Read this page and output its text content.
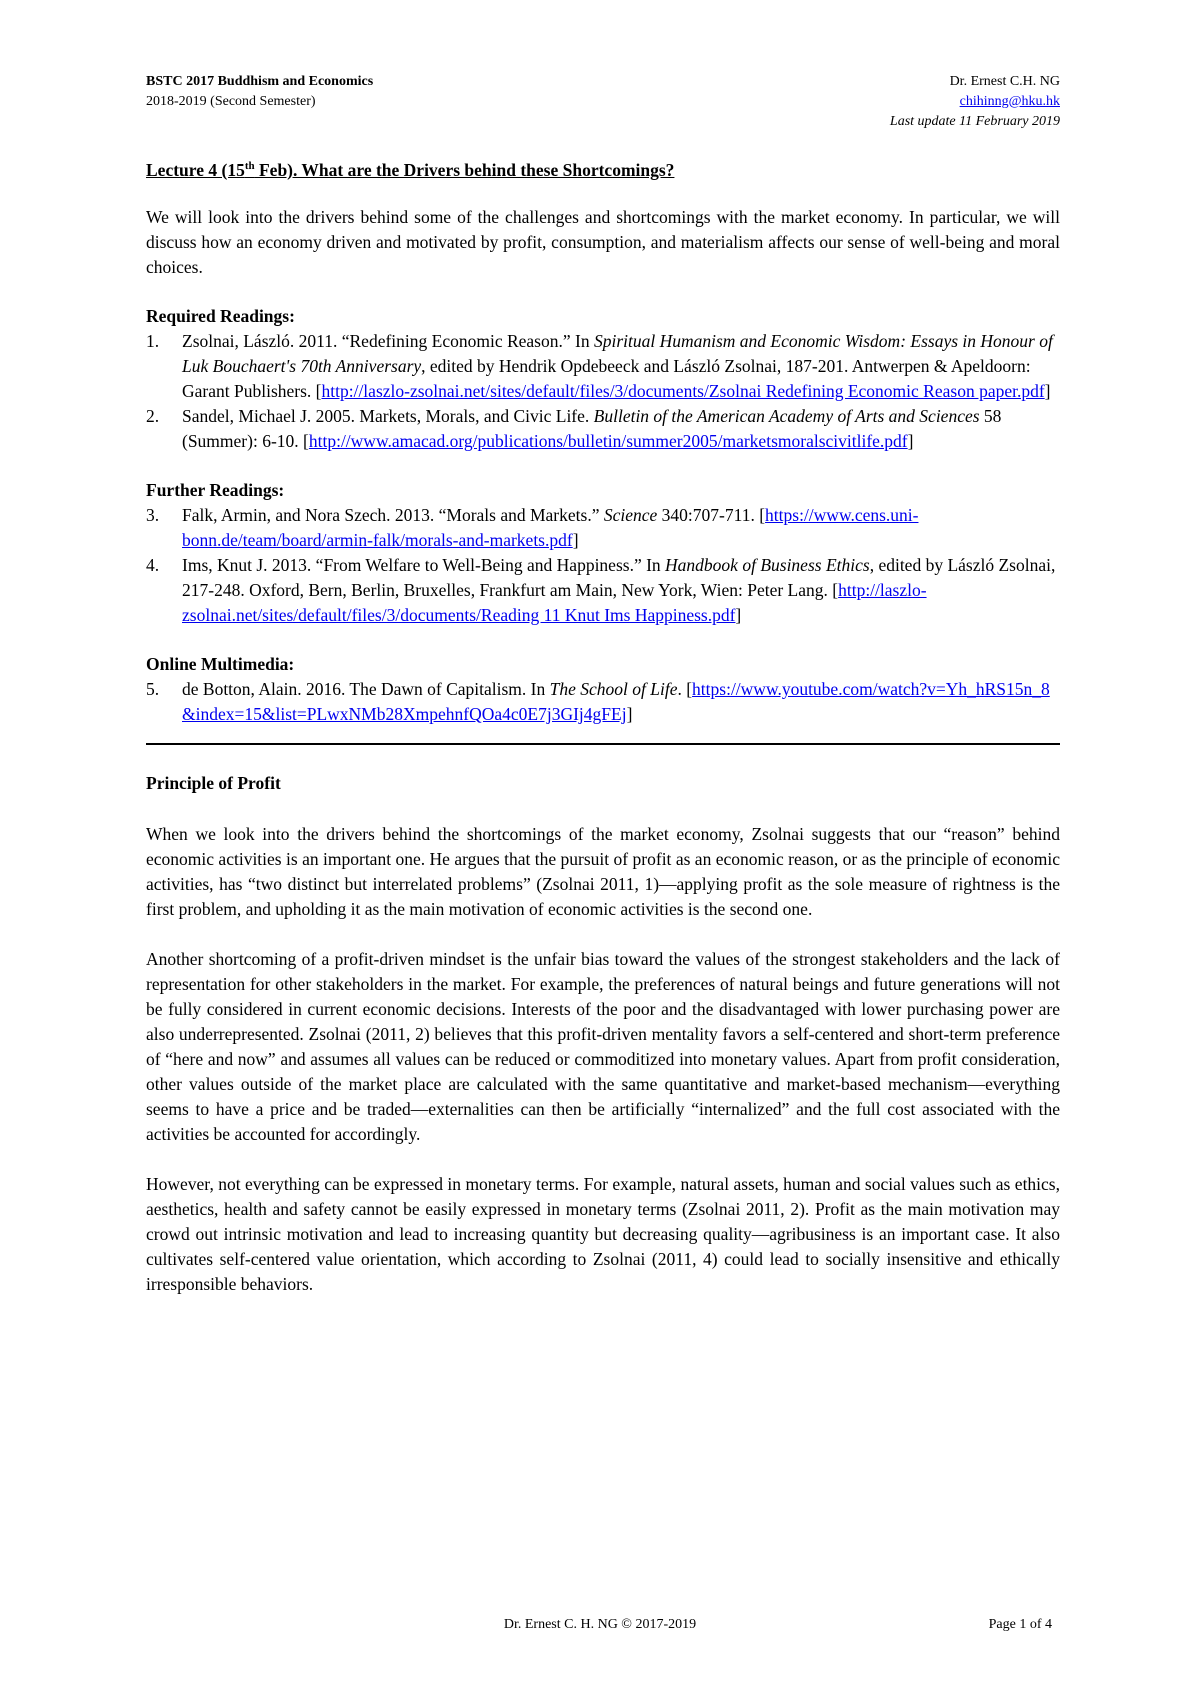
BSTC 2017 Buddhism and Economics
2018-2019 (Second Semester)
Dr. Ernest C.H. NG
chihinng@hku.hk
Last update 11 February 2019
Lecture 4 (15th Feb). What are the Drivers behind these Shortcomings?

We will look into the drivers behind some of the challenges and shortcomings with the market economy. In particular, we will discuss how an economy driven and motivated by profit, consumption, and materialism affects our sense of well-being and moral choices.

Required Readings:
1.	Zsolnai, László. 2011. “Redefining Economic Reason.” In Spiritual Humanism and Economic Wisdom: Essays in Honour of Luk Bouchaert's 70th Anniversary, edited by Hendrik Opdebeeck and László Zsolnai, 187-201. Antwerpen & Apeldoorn: Garant Publishers. [http://laszlo-zsolnai.net/sites/default/files/3/documents/Zsolnai Redefining Economic Reason paper.pdf]
2.	Sandel, Michael J. 2005. Markets, Morals, and Civic Life. Bulletin of the American Academy of Arts and Sciences 58 (Summer): 6-10. [http://www.amacad.org/publications/bulletin/summer2005/marketsmoralscivitlife.pdf]
Further Readings:
3.	Falk, Armin, and Nora Szech. 2013. “Morals and Markets.” Science 340:707-711. [https://www.cens.uni-bonn.de/team/board/armin-falk/morals-and-markets.pdf]
4.	Ims, Knut J. 2013. “From Welfare to Well-Being and Happiness.” In Handbook of Business Ethics, edited by László Zsolnai, 217-248. Oxford, Bern, Berlin, Bruxelles, Frankfurt am Main, New York, Wien: Peter Lang. [http://laszlo-zsolnai.net/sites/default/files/3/documents/Reading 11 Knut Ims Happiness.pdf]
Online Multimedia:
5.	de Botton, Alain. 2016. The Dawn of Capitalism. In The School of Life. [https://www.youtube.com/watch?v=Yh_hRS15n_8&index=15&list=PLwxNMb28XmpehnfQOa4c0E7j3GIj4gFEj]
Principle of Profit

When we look into the drivers behind the shortcomings of the market economy, Zsolnai suggests that our “reason” behind economic activities is an important one. He argues that the pursuit of profit as an economic reason, or as the principle of economic activities, has “two distinct but interrelated problems” (Zsolnai 2011, 1)—applying profit as the sole measure of rightness is the first problem, and upholding it as the main motivation of economic activities is the second one.

Another shortcoming of a profit-driven mindset is the unfair bias toward the values of the strongest stakeholders and the lack of representation for other stakeholders in the market. For example, the preferences of natural beings and future generations will not be fully considered in current economic decisions. Interests of the poor and the disadvantaged with lower purchasing power are also underrepresented. Zsolnai (2011, 2) believes that this profit-driven mentality favors a self-centered and short-term preference of “here and now” and assumes all values can be reduced or commoditized into monetary values. Apart from profit consideration, other values outside of the market place are calculated with the same quantitative and market-based mechanism—everything seems to have a price and be traded—externalities can then be artificially “internalized” and the full cost associated with the activities be accounted for accordingly.

However, not everything can be expressed in monetary terms. For example, natural assets, human and social values such as ethics, aesthetics, health and safety cannot be easily expressed in monetary terms (Zsolnai 2011, 2). Profit as the main motivation may crowd out intrinsic motivation and lead to increasing quantity but decreasing quality—agribusiness is an important case. It also cultivates self-centered value orientation, which according to Zsolnai (2011, 4) could lead to socially insensitive and ethically irresponsible behaviors.

Dr. Ernest C. H. NG © 2017-2019	Page 1 of 4
